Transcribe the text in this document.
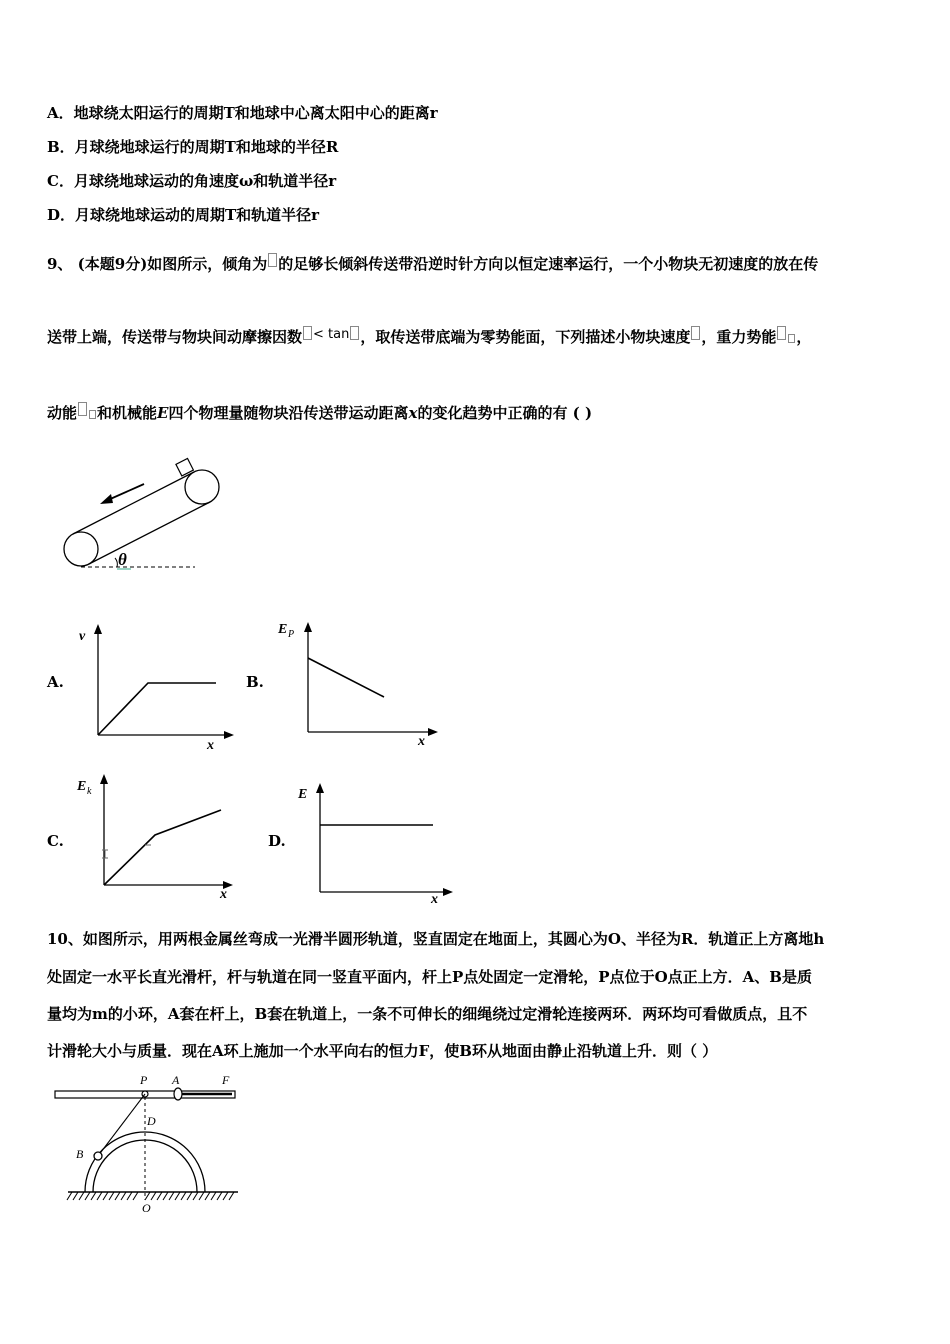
A．地球绕太阳运行的周期T和地球中心离太阳中心的距离r
B．月球绕地球运行的周期T和地球的半径R
C．月球绕地球运动的角速度ω和轨道半径r
D．月球绕地球运动的周期T和轨道半径r
9、 (本题9分)如图所示，倾角为 的足够长倾斜传送带沿逆时针方向以恒定速率运行，一个小物块无初速度的放在传
送带上端，传送带与物块间动摩擦因数 < tan ，取传送带底端为零势能面，下列描述小物块速度 ，重力势能 ，
动能 和机械能E四个物理量随物块沿传送带运动距离x的变化趋势中正确的有 ( )
θ
A.
v
x
B.
E P
x
C.
E k
x
D.
E
x
10、如图所示，用两根金属丝弯成一光滑半圆形轨道，竖直固定在地面上，其圆心为O、半径为R．轨道正上方离地h
处固定一水平长直光滑杆，杆与轨道在同一竖直平面内，杆上P点处固定一定滑轮，P点位于O点正上方．A、B是质
量均为m的小环，A套在杆上，B套在轨道上，一条不可伸长的细绳绕过定滑轮连接两环．两环均可看做质点，且不
计滑轮大小与质量．现在A环上施加一个水平向右的恒力F，使B环从地面由静止沿轨道上升．则（ ）
P A	F
D
B
O
